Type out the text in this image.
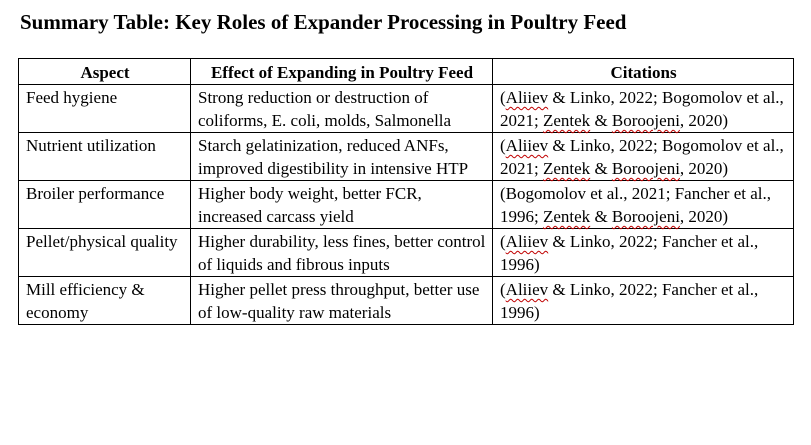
Summary Table: Key Roles of Expander Processing in Poultry Feed
Aspect	Effect of Expanding in Poultry Feed	Citations
Feed hygiene	Strong reduction or destruction of coliforms, E. coli, molds, Salmonella	(Aliiev & Linko, 2022; Bogomolov et al., 2021; Zentek & Boroojeni, 2020)
Nutrient utilization	Starch gelatinization, reduced ANFs, improved digestibility in intensive HTP	(Aliiev & Linko, 2022; Bogomolov et al., 2021; Zentek & Boroojeni, 2020)
Broiler performance	Higher body weight, better FCR, increased carcass yield	(Bogomolov et al., 2021; Fancher et al., 1996; Zentek & Boroojeni, 2020)
Pellet/physical quality	Higher durability, less fines, better control of liquids and fibrous inputs	(Aliiev & Linko, 2022; Fancher et al., 1996)
Mill efficiency & economy	Higher pellet press throughput, better use of low-quality raw materials	(Aliiev & Linko, 2022; Fancher et al., 1996)
